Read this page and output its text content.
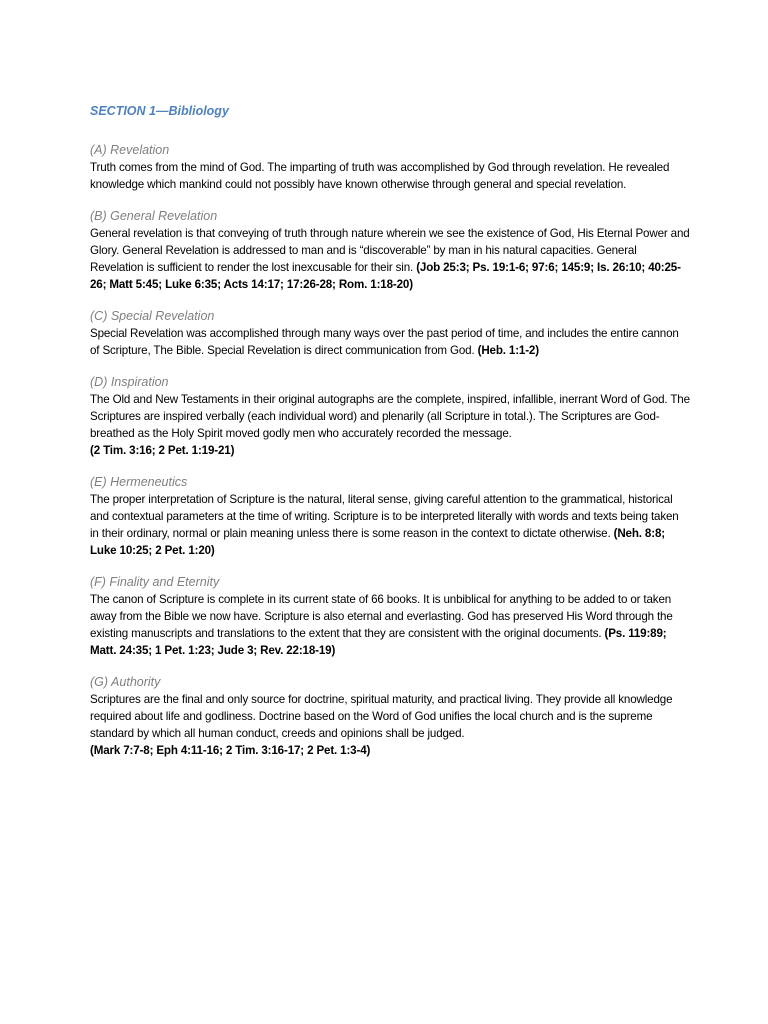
SECTION 1—Bibliology

(A) Revelation

Truth comes from the mind of God. The imparting of truth was accomplished by God through revelation. He revealed knowledge which mankind could not possibly have known otherwise through general and special revelation.

(B) General Revelation

General revelation is that conveying of truth through nature wherein we see the existence of God, His Eternal Power and Glory. General Revelation is addressed to man and is “discoverable” by man in his natural capacities. General Revelation is sufficient to render the lost inexcusable for their sin. (Job 25:3; Ps. 19:1-6; 97:6; 145:9; Is. 26:10; 40:25-26; Matt 5:45; Luke 6:35; Acts 14:17; 17:26-28; Rom. 1:18-20)

(C) Special Revelation

Special Revelation was accomplished through many ways over the past period of time, and includes the entire cannon of Scripture, The Bible. Special Revelation is direct communication from God. (Heb. 1:1-2)

(D) Inspiration

The Old and New Testaments in their original autographs are the complete, inspired, infallible, inerrant Word of God. The Scriptures are inspired verbally (each individual word) and plenarily (all Scripture in total.). The Scriptures are God-breathed as the Holy Spirit moved godly men who accurately recorded the message.
(2 Tim. 3:16; 2 Pet. 1:19-21)

(E) Hermeneutics

The proper interpretation of Scripture is the natural, literal sense, giving careful attention to the grammatical, historical and contextual parameters at the time of writing. Scripture is to be interpreted literally with words and texts being taken in their ordinary, normal or plain meaning unless there is some reason in the context to dictate otherwise. (Neh. 8:8; Luke 10:25; 2 Pet. 1:20)

(F) Finality and Eternity

The canon of Scripture is complete in its current state of 66 books. It is unbiblical for anything to be added to or taken away from the Bible we now have. Scripture is also eternal and everlasting. God has preserved His Word through the existing manuscripts and translations to the extent that they are consistent with the original documents. (Ps. 119:89; Matt. 24:35; 1 Pet. 1:23; Jude 3; Rev. 22:18-19)

(G) Authority

Scriptures are the final and only source for doctrine, spiritual maturity, and practical living. They provide all knowledge required about life and godliness. Doctrine based on the Word of God unifies the local church and is the supreme standard by which all human conduct, creeds and opinions shall be judged.
(Mark 7:7-8; Eph 4:11-16; 2 Tim. 3:16-17; 2 Pet. 1:3-4)
